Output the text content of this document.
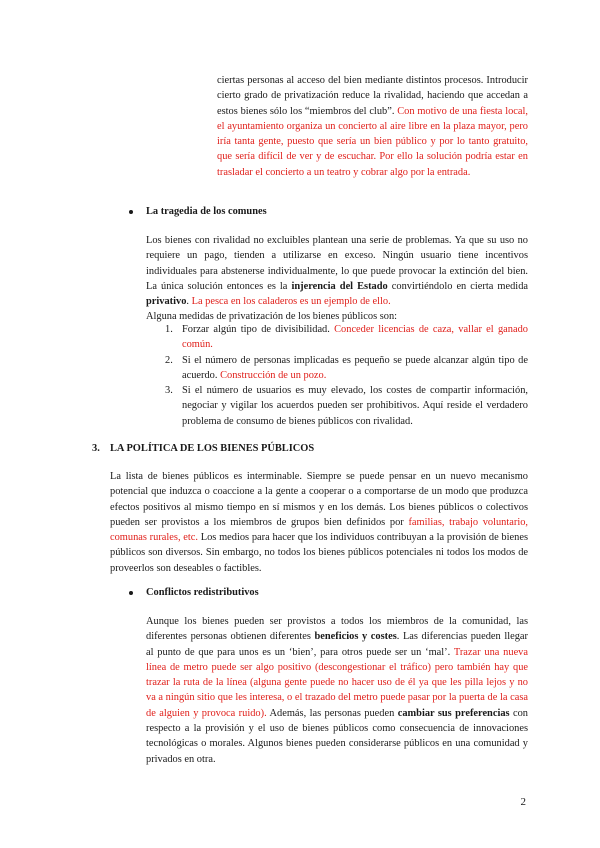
ciertas personas al acceso del bien mediante distintos procesos. Introducir cierto grado de privatización reduce la rivalidad, haciendo que accedan a estos bienes sólo los “miembros del club”. Con motivo de una fiesta local, el ayuntamiento organiza un concierto al aire libre en la plaza mayor, pero iría tanta gente, puesto que sería un bien público y por lo tanto gratuito, que sería difícil de ver y de escuchar. Por ello la solución podría estar en trasladar el concierto a un teatro y cobrar algo por la entrada.
La tragedia de los comunes
Los bienes con rivalidad no excluibles plantean una serie de problemas. Ya que su uso no requiere un pago, tienden a utilizarse en exceso. Ningún usuario tiene incentivos individuales para abstenerse individualmente, lo que puede provocar la extinción del bien. La única solución entonces es la injerencia del Estado convirtiéndolo en cierta medida privativo. La pesca en los caladeros es un ejemplo de ello.
Alguna medidas de privatización de los bienes públicos son:
1. Forzar algún tipo de divisibilidad. Conceder licencias de caza, vallar el ganado común.
2. Si el número de personas implicadas es pequeño se puede alcanzar algún tipo de acuerdo. Construcción de un pozo.
3. Si el número de usuarios es muy elevado, los costes de compartir información, negociar y vigilar los acuerdos pueden ser prohibitivos. Aquí reside el verdadero problema de consumo de bienes públicos con rivalidad.
3. LA POLÍTICA DE LOS BIENES PÚBLICOS
La lista de bienes públicos es interminable. Siempre se puede pensar en un nuevo mecanismo potencial que induzca o coaccione a la gente a cooperar o a comportarse de un modo que produzca efectos positivos al mismo tiempo en sí mismos y en los demás. Los bienes públicos o colectivos pueden ser provistos a los miembros de grupos bien definidos por familias, trabajo voluntario, comunas rurales, etc. Los medios para hacer que los individuos contribuyan a la provisión de bienes públicos son diversos. Sin embargo, no todos los bienes públicos potenciales ni todos los modos de proveerlos son deseables o factibles.
Conflictos redistributivos
Aunque los bienes pueden ser provistos a todos los miembros de la comunidad, las diferentes personas obtienen diferentes beneficios y costes. Las diferencias pueden llegar al punto de que para unos es un ‘bien’, para otros puede ser un ‘mal’. Trazar una nueva línea de metro puede ser algo positivo (descongestionar el tráfico) pero también hay que trazar la ruta de la línea (alguna gente puede no hacer uso de él ya que les pilla lejos y no va a ningún sitio que les interesa, o el trazado del metro puede pasar por la puerta de la casa de alguien y provoca ruido). Además, las personas pueden cambiar sus preferencias con respecto a la provisión y el uso de bienes públicos como consecuencia de innovaciones tecnológicas o morales. Algunos bienes pueden considerarse públicos en una comunidad y privados en otra.
2
